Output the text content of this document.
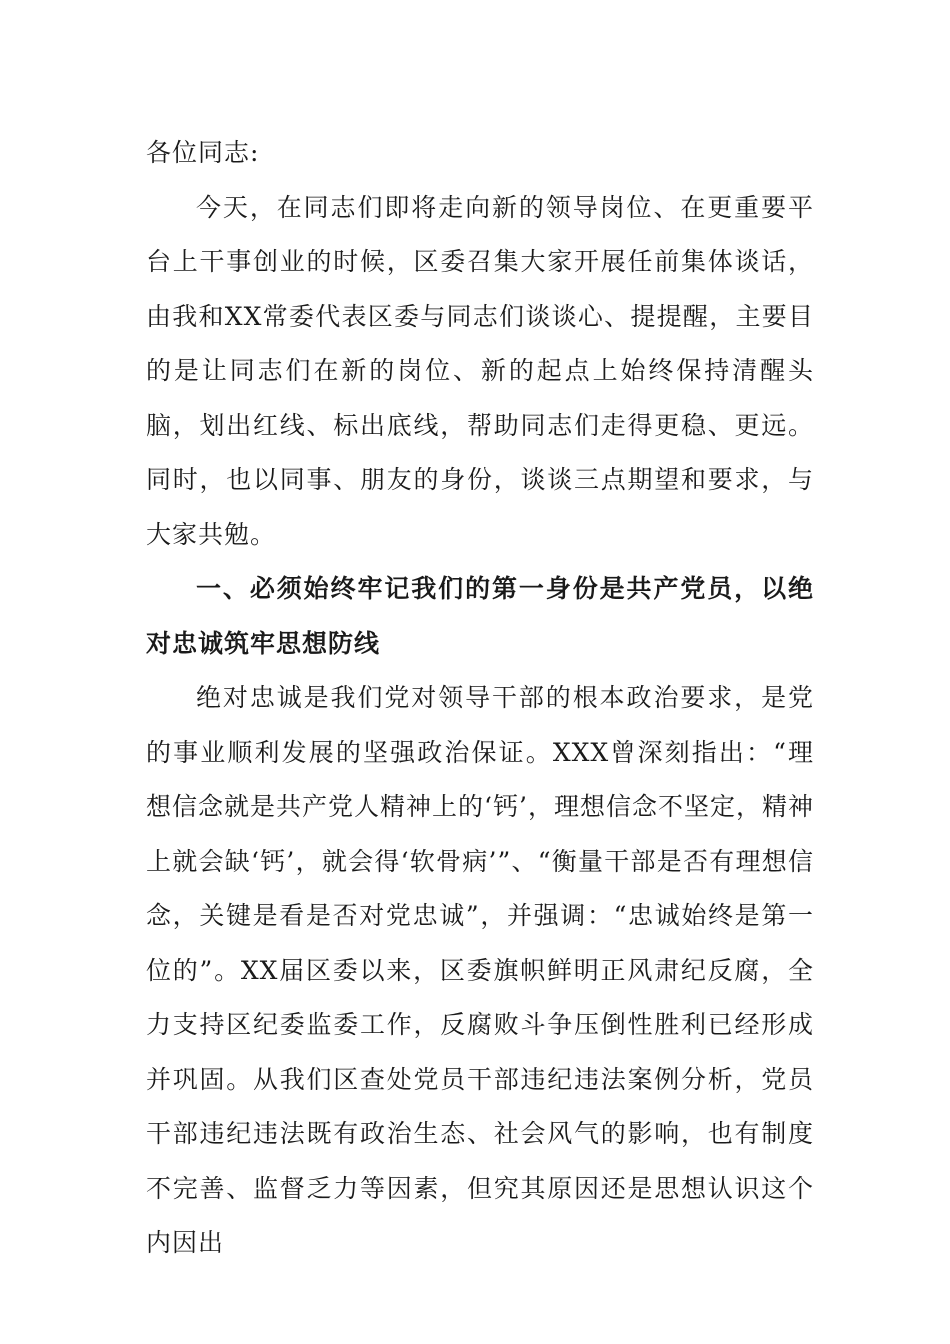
各位同志:

今天，在同志们即将走向新的领导岗位、在更重要平台上干事创业的时候，区委召集大家开展任前集体谈话，由我和XX常委代表区委与同志们谈谈心、提提醒，主要目的是让同志们在新的岗位、新的起点上始终保持清醒头脑，划出红线、标出底线，帮助同志们走得更稳、更远。同时，也以同事、朋友的身份，谈谈三点期望和要求，与大家共勉。

一、必须始终牢记我们的第一身份是共产党员，以绝对忠诚筑牢思想防线

绝对忠诚是我们党对领导干部的根本政治要求，是党的事业顺利发展的坚强政治保证。XXX曾深刻指出：“理想信念就是共产党人精神上的‘钙’，理想信念不坚定，精神上就会缺‘钙’，就会得‘软骨病’”、“衡量干部是否有理想信念，关键是看是否对党忠诚”，并强调：“忠诚始终是第一位的”。XX届区委以来，区委旗帜鲜明正风肃纪反腐，全力支持区纪委监委工作，反腐败斗争压倒性胜利已经形成并巩固。从我们区查处党员干部违纪违法案例分析，党员干部违纪违法既有政治生态、社会风气的影响，也有制度不完善、监督乏力等因素，但究其原因还是思想认识这个内因出
